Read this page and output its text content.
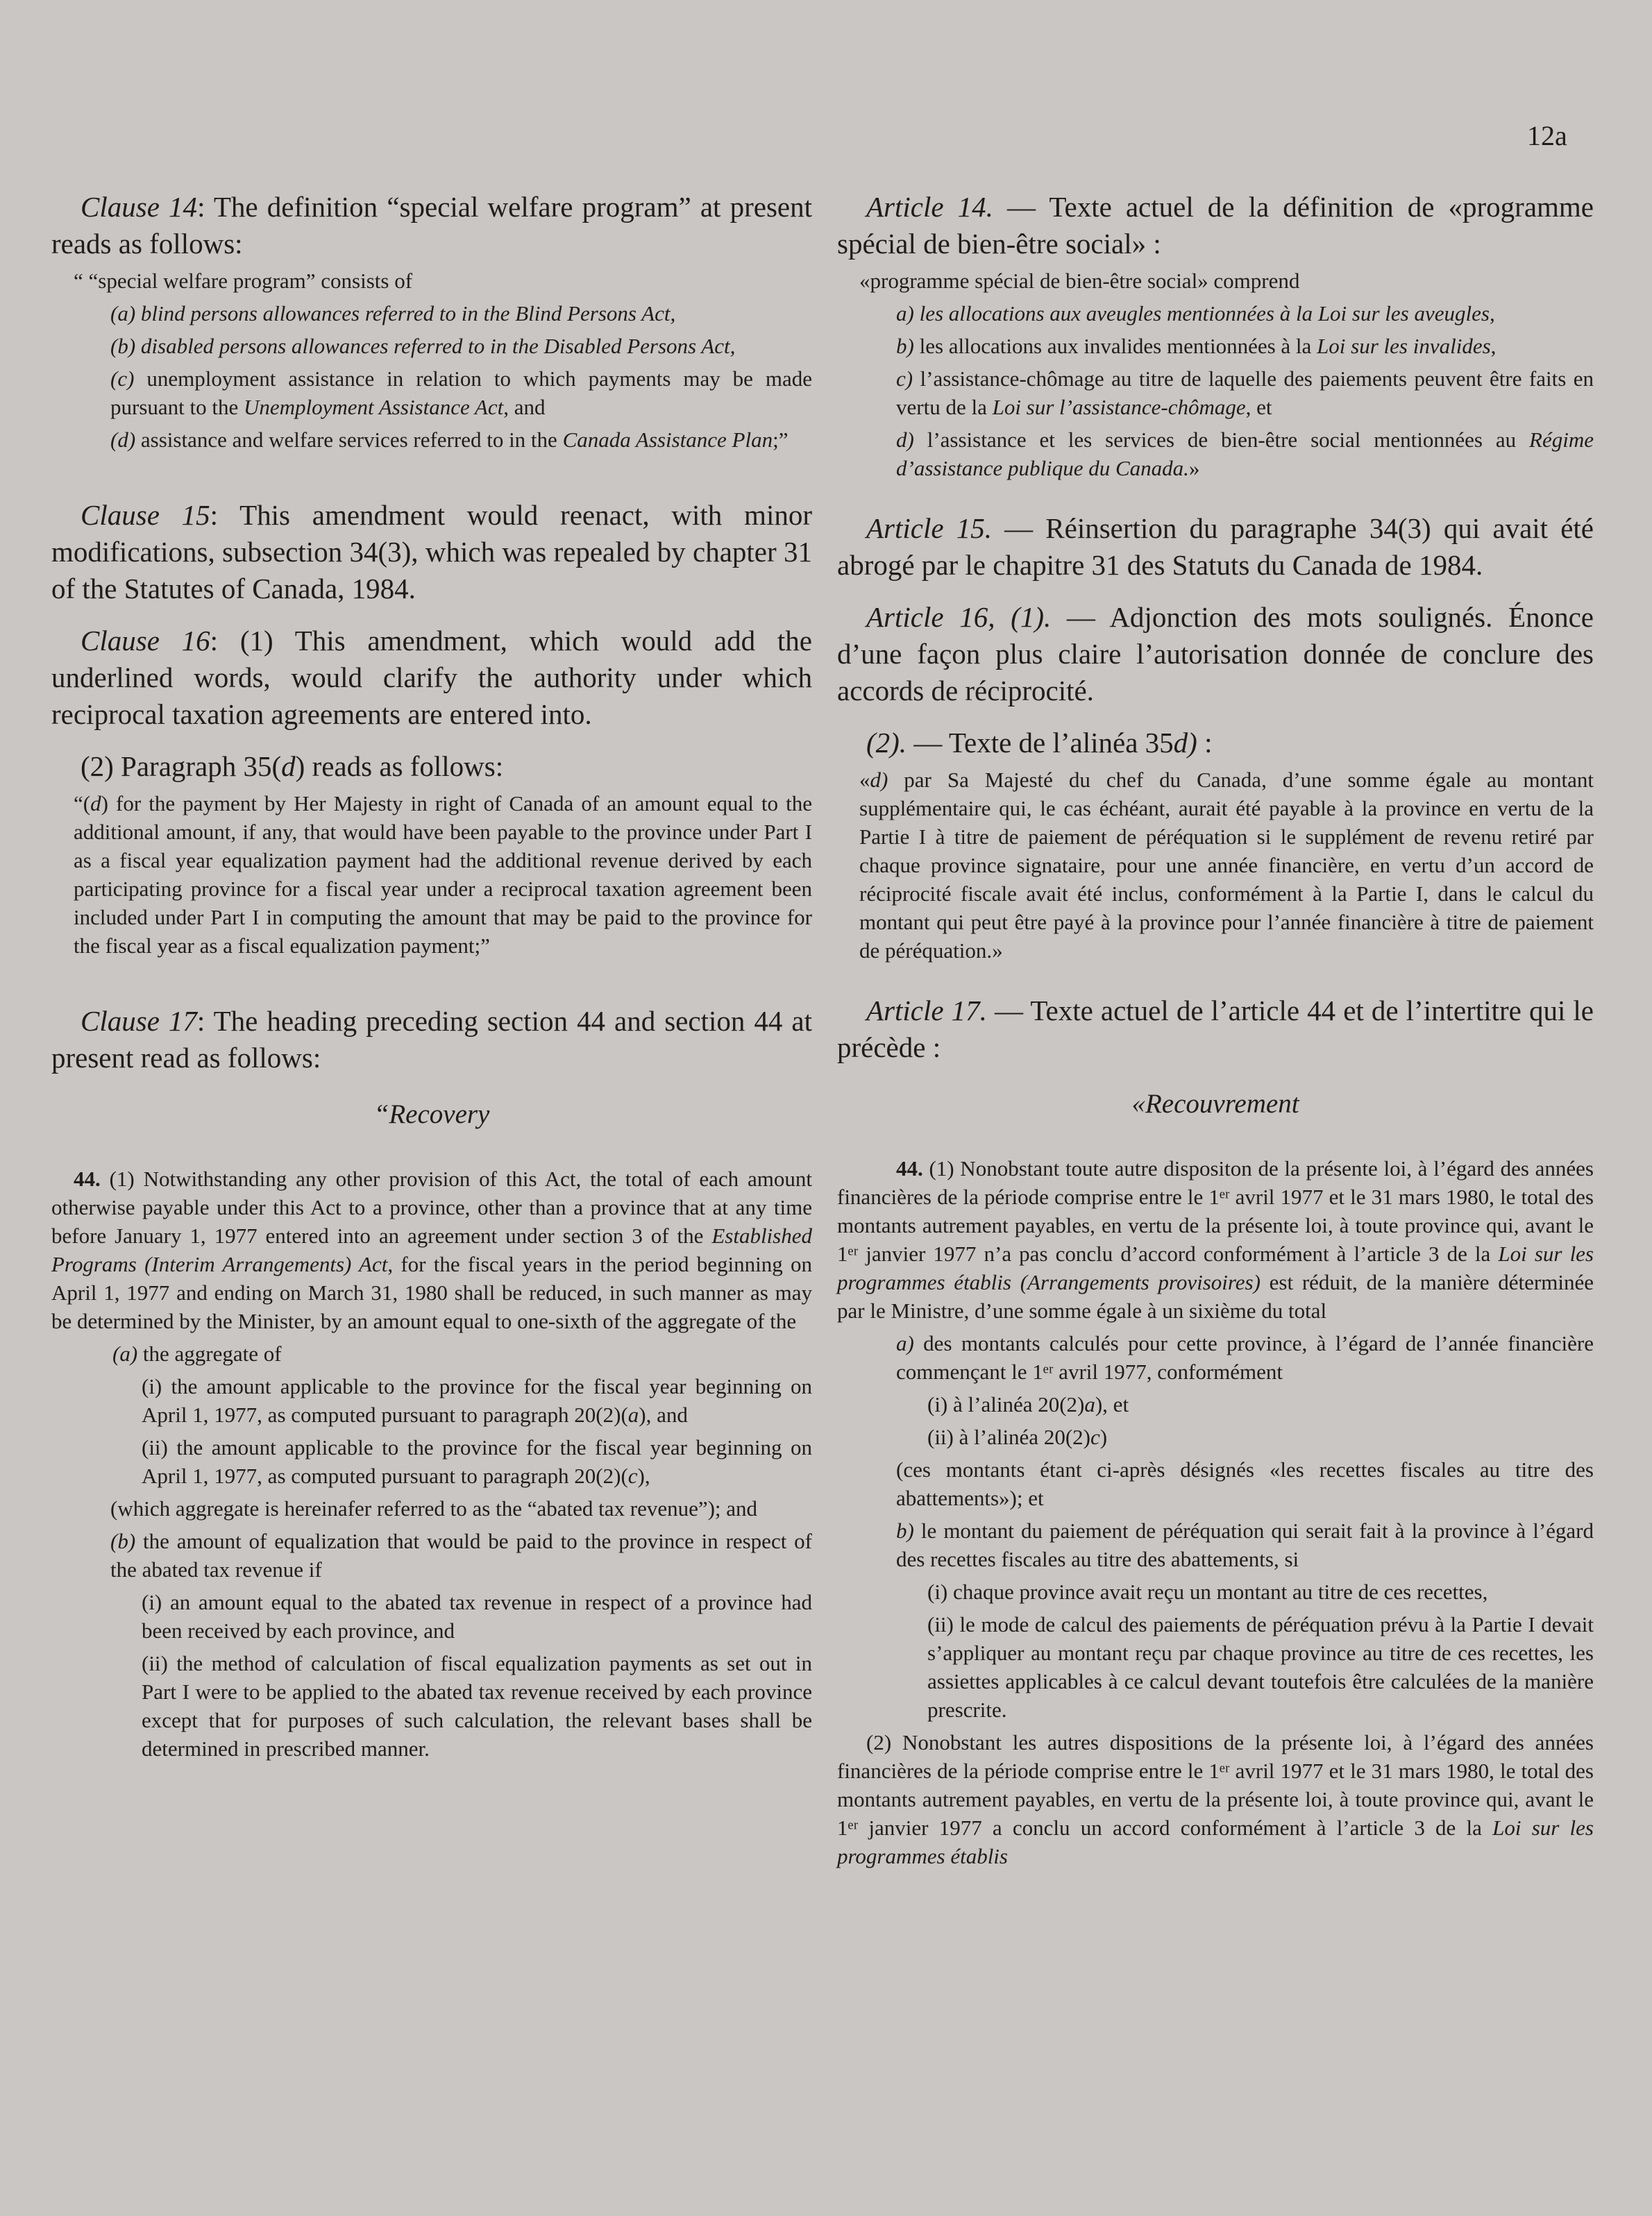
12a

Clause 14: The definition “special welfare program” at present reads as follows:

“ “special welfare program” consists of

(a) blind persons allowances referred to in the Blind Persons Act,

(b) disabled persons allowances referred to in the Disabled Persons Act,

(c) unemployment assistance in relation to which payments may be made pursuant to the Unemployment Assistance Act, and

(d) assistance and welfare services referred to in the Canada Assistance Plan;”

Clause 15: This amendment would reenact, with minor modifications, subsection 34(3), which was repealed by chapter 31 of the Statutes of Canada, 1984.

Clause 16: (1) This amendment, which would add the underlined words, would clarify the authority under which reciprocal taxation agreements are entered into.

(2) Paragraph 35(d) reads as follows:

“(d) for the payment by Her Majesty in right of Canada of an amount equal to the additional amount, if any, that would have been payable to the province under Part I as a fiscal year equalization payment had the additional revenue derived by each participating province for a fiscal year under a reciprocal taxation agreement been included under Part I in computing the amount that may be paid to the province for the fiscal year as a fiscal equalization payment;”

Clause 17: The heading preceding section 44 and section 44 at present read as follows:

“Recovery

44. (1) Notwithstanding any other provision of this Act, the total of each amount otherwise payable under this Act to a province, other than a province that at any time before January 1, 1977 entered into an agreement under section 3 of the Established Programs (Interim Arrangements) Act, for the fiscal years in the period beginning on April 1, 1977 and ending on March 31, 1980 shall be reduced, in such manner as may be determined by the Minister, by an amount equal to one-sixth of the aggregate of the

(a) the aggregate of

(i) the amount applicable to the province for the fiscal year beginning on April 1, 1977, as computed pursuant to paragraph 20(2)(a), and

(ii) the amount applicable to the province for the fiscal year beginning on April 1, 1977, as computed pursuant to paragraph 20(2)(c),

(which aggregate is hereinafer referred to as the “abated tax revenue”); and

(b) the amount of equalization that would be paid to the province in respect of the abated tax revenue if

(i) an amount equal to the abated tax revenue in respect of a province had been received by each province, and

(ii) the method of calculation of fiscal equalization payments as set out in Part I were to be applied to the abated tax revenue received by each province except that for purposes of such calculation, the relevant bases shall be determined in prescribed manner.

Article 14. — Texte actuel de la définition de «programme spécial de bien-être social» :

«programme spécial de bien-être social» comprend

a) les allocations aux aveugles mentionnées à la Loi sur les aveugles,

b) les allocations aux invalides mentionnées à la Loi sur les invalides,

c) l’assistance-chômage au titre de laquelle des paiements peuvent être faits en vertu de la Loi sur l’assistance-chômage, et

d) l’assistance et les services de bien-être social mentionnées au Régime d’assistance publique du Canada.»

Article 15. — Réinsertion du paragraphe 34(3) qui avait été abrogé par le chapitre 31 des Statuts du Canada de 1984.

Article 16, (1). — Adjonction des mots soulignés. Énonce d’une façon plus claire l’autorisation donnée de conclure des accords de réciprocité.

(2). — Texte de l’alinéa 35d) :

«d) par Sa Majesté du chef du Canada, d’une somme égale au montant supplémentaire qui, le cas échéant, aurait été payable à la province en vertu de la Partie I à titre de paiement de péréquation si le supplément de revenu retiré par chaque province signataire, pour une année financière, en vertu d’un accord de réciprocité fiscale avait été inclus, conformément à la Partie I, dans le calcul du montant qui peut être payé à la province pour l’année financière à titre de paiement de péréquation.»

Article 17. — Texte actuel de l’article 44 et de l’intertitre qui le précède :

«Recouvrement

44. (1) Nonobstant toute autre dispositon de la présente loi, à l’égard des années financières de la période comprise entre le 1ᵉʳ avril 1977 et le 31 mars 1980, le total des montants autrement payables, en vertu de la présente loi, à toute province qui, avant le 1ᵉʳ janvier 1977 n’a pas conclu d’accord conformément à l’article 3 de la Loi sur les programmes établis (Arrangements provisoires) est réduit, de la manière déterminée par le Ministre, d’une somme égale à un sixième du total

a) des montants calculés pour cette province, à l’égard de l’année financière commençant le 1ᵉʳ avril 1977, conformément

(i) à l’alinéa 20(2)a), et

(ii) à l’alinéa 20(2)c)

(ces montants étant ci-après désignés «les recettes fiscales au titre des abattements»); et

b) le montant du paiement de péréquation qui serait fait à la province à l’égard des recettes fiscales au titre des abattements, si

(i) chaque province avait reçu un montant au titre de ces recettes,

(ii) le mode de calcul des paiements de péréquation prévu à la Partie I devait s’appliquer au montant reçu par chaque province au titre de ces recettes, les assiettes applicables à ce calcul devant toutefois être calculées de la manière prescrite.

(2) Nonobstant les autres dispositions de la présente loi, à l’égard des années financières de la période comprise entre le 1ᵉʳ avril 1977 et le 31 mars 1980, le total des montants autrement payables, en vertu de la présente loi, à toute province qui, avant le 1ᵉʳ janvier 1977 a conclu un accord conformément à l’article 3 de la Loi sur les programmes établis
